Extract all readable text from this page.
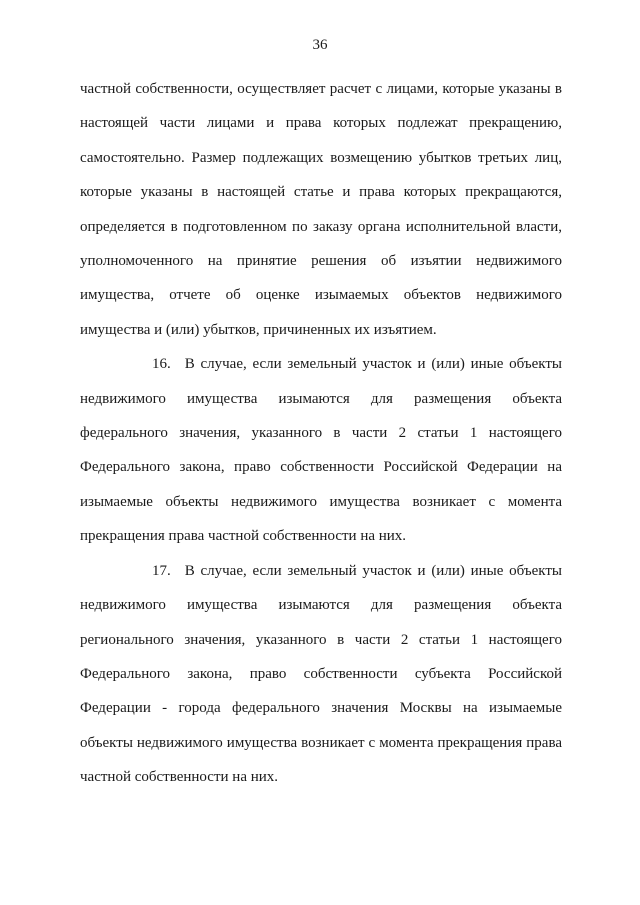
36

частной собственности, осуществляет расчет с лицами, которые указаны в настоящей части лицами и права которых подлежат прекращению, самостоятельно. Размер подлежащих возмещению убытков третьих лиц, которые указаны в настоящей статье и права которых прекращаются, определяется в подготовленном по заказу органа исполнительной власти, уполномоченного на принятие решения об изъятии недвижимого имущества, отчете об оценке изымаемых объектов недвижимого имущества и (или) убытков, причиненных их изъятием.

16. В случае, если земельный участок и (или) иные объекты недвижимого имущества изымаются для размещения объекта федерального значения, указанного в части 2 статьи 1 настоящего Федерального закона, право собственности Российской Федерации на изымаемые объекты недвижимого имущества возникает с момента прекращения права частной собственности на них.

17. В случае, если земельный участок и (или) иные объекты недвижимого имущества изымаются для размещения объекта регионального значения, указанного в части 2 статьи 1 настоящего Федерального закона, право собственности субъекта Российской Федерации - города федерального значения Москвы на изымаемые объекты недвижимого имущества возникает с момента прекращения права частной собственности на них.
